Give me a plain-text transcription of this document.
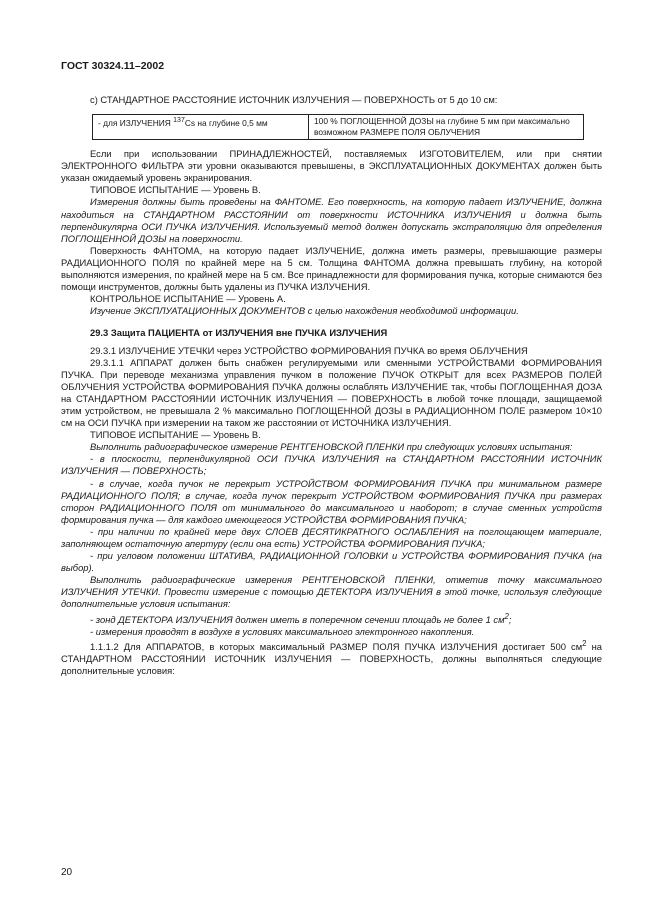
ГОСТ 30324.11–2002

с) СТАНДАРТНОЕ РАССТОЯНИЕ ИСТОЧНИК ИЗЛУЧЕНИЯ — ПОВЕРХНОСТЬ от 5 до 10 см:

- для ИЗЛУЧЕНИЯ $^{137}$Cs на глубине 0,5 мм	100 % ПОГЛОЩЕННОЙ ДОЗЫ на глубине 5 мм при максимально возможном РАЗМЕРЕ ПОЛЯ ОБЛУЧЕНИЯ

Если при использовании ПРИНАДЛЕЖНОСТЕЙ, поставляемых ИЗГОТОВИТЕЛЕМ, или при снятии ЭЛЕКТРОННОГО ФИЛЬТРА эти уровни оказываются превышены, в ЭКСПЛУАТАЦИОННЫХ ДОКУМЕНТАХ должен быть указан ожидаемый уровень экранирования.

ТИПОВОЕ ИСПЫТАНИЕ — Уровень В.

Измерения должны быть проведены на ФАНТОМЕ. Его поверхность, на которую падает ИЗЛУЧЕНИЕ, должна находиться на СТАНДАРТНОМ РАССТОЯНИИ от поверхности ИСТОЧНИКА ИЗЛУЧЕНИЯ и должна быть перпендикулярна ОСИ ПУЧКА ИЗЛУЧЕНИЯ. Используемый метод должен допускать экстраполяцию для определения ПОГЛОЩЕННОЙ ДОЗЫ на поверхности.

Поверхность ФАНТОМА, на которую падает ИЗЛУЧЕНИЕ, должна иметь размеры, превышающие размеры РАДИАЦИОННОГО ПОЛЯ по крайней мере на 5 см. Толщина ФАНТОМА должна превышать глубину, на которой выполняются измерения, по крайней мере на 5 см. Все принадлежности для формирования пучка, которые снимаются без помощи инструментов, должны быть удалены из ПУЧКА ИЗЛУЧЕНИЯ.

КОНТРОЛЬНОЕ ИСПЫТАНИЕ — Уровень А.

Изучение ЭКСПЛУАТАЦИОННЫХ ДОКУМЕНТОВ с целью нахождения необходимой информации.

29.3 Защита ПАЦИЕНТА от ИЗЛУЧЕНИЯ вне ПУЧКА ИЗЛУЧЕНИЯ

29.3.1 ИЗЛУЧЕНИЕ УТЕЧКИ через УСТРОЙСТВО ФОРМИРОВАНИЯ ПУЧКА во время ОБЛУЧЕНИЯ

29.3.1.1 АППАРАТ должен быть снабжен регулируемыми или сменными УСТРОЙСТВАМИ ФОРМИРОВАНИЯ ПУЧКА. При переводе механизма управления пучком в положение ПУЧОК ОТКРЫТ для всех РАЗМЕРОВ ПОЛЕЙ ОБЛУЧЕНИЯ УСТРОЙСТВА ФОРМИРОВАНИЯ ПУЧКА должны ослаблять ИЗЛУЧЕНИЕ так, чтобы ПОГЛОЩЕННАЯ ДОЗА на СТАНДАРТНОМ РАССТОЯНИИ ИСТОЧНИК ИЗЛУЧЕНИЯ — ПОВЕРХНОСТЬ в любой точке площади, защищаемой этим устройством, не превышала 2 % максимально ПОГЛОЩЕННОЙ ДОЗЫ в РАДИАЦИОННОМ ПОЛЕ размером 10×10 см на ОСИ ПУЧКА при измерении на таком же расстоянии от ИСТОЧНИКА ИЗЛУЧЕНИЯ.

ТИПОВОЕ ИСПЫТАНИЕ — Уровень В.

Выполнить радиографическое измерение РЕНТГЕНОВСКОЙ ПЛЕНКИ при следующих условиях испытания:

- в плоскости, перпендикулярной ОСИ ПУЧКА ИЗЛУЧЕНИЯ на СТАНДАРТНОМ РАССТОЯНИИ ИСТОЧНИК ИЗЛУЧЕНИЯ — ПОВЕРХНОСТЬ;

- в случае, когда пучок не перекрыт УСТРОЙСТВОМ ФОРМИРОВАНИЯ ПУЧКА при минимальном размере РАДИАЦИОННОГО ПОЛЯ; в случае, когда пучок перекрыт УСТРОЙСТВОМ ФОРМИРОВАНИЯ ПУЧКА при размерах сторон РАДИАЦИОННОГО ПОЛЯ от минимального до максимального и наоборот; в случае сменных устройств формирования пучка — для каждого имеющегося УСТРОЙСТВА ФОРМИРОВАНИЯ ПУЧКА;

- при наличии по крайней мере двух СЛОЕВ ДЕСЯТИКРАТНОГО ОСЛАБЛЕНИЯ на поглощающем материале, заполняющем остаточную апертуру (если она есть) УСТРОЙСТВА ФОРМИРОВАНИЯ ПУЧКА;

- при угловом положении ШТАТИВА, РАДИАЦИОННОЙ ГОЛОВКИ и УСТРОЙСТВА ФОРМИРОВАНИЯ ПУЧКА (на выбор).

Выполнить радиографические измерения РЕНТГЕНОВСКОЙ ПЛЕНКИ, отметив точку максимального ИЗЛУЧЕНИЯ УТЕЧКИ. Провести измерение с помощью ДЕТЕКТОРА ИЗЛУЧЕНИЯ в этой точке, используя следующие дополнительные условия испытания:

- зонд ДЕТЕКТОРА ИЗЛУЧЕНИЯ должен иметь в поперечном сечении площадь не более 1 $см^2$;

- измерения проводят в воздухе в условиях максимального электронного накопления.

1.1.1.2 Для АППАРАТОВ, в которых максимальный РАЗМЕР ПОЛЯ ПУЧКА ИЗЛУЧЕНИЯ достигает 500 $см^2$ на СТАНДАРТНОМ РАССТОЯНИИ ИСТОЧНИК ИЗЛУЧЕНИЯ — ПОВЕРХНОСТЬ, должны выполняться следующие дополнительные условия:

20
